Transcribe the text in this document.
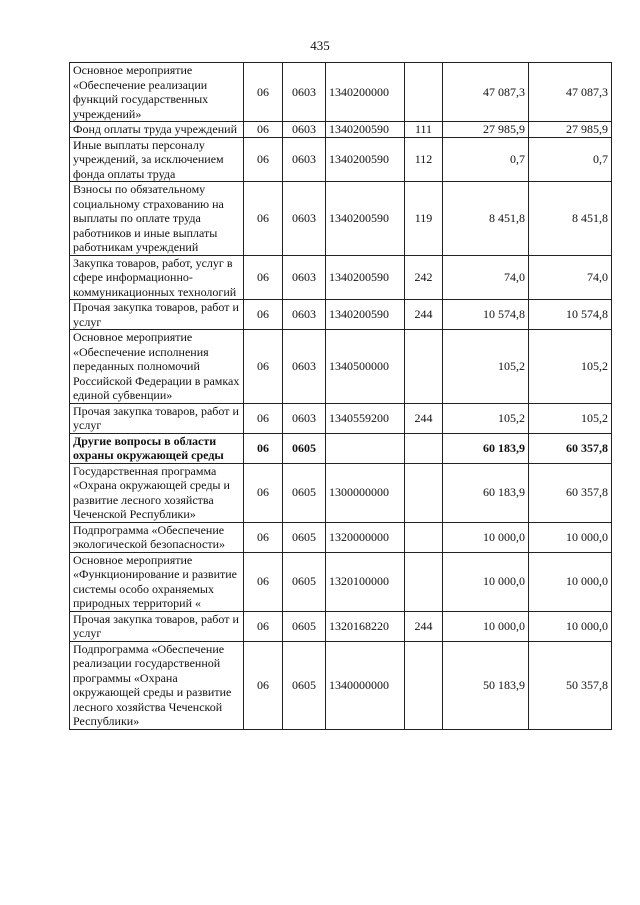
435
Основное мероприятие «Обеспечение реализации функций государственных учреждений»	06	0603	1340200000		47 087,3	47 087,3
Фонд оплаты труда учреждений	06	0603	1340200590	111	27 985,9	27 985,9
Иные выплаты персоналу учреждений, за исключением фонда оплаты труда	06	0603	1340200590	112	0,7	0,7
Взносы по обязательному социальному страхованию на выплаты по оплате труда работников и иные выплаты работникам учреждений	06	0603	1340200590	119	8 451,8	8 451,8
Закупка товаров, работ, услуг в сфере информационно-коммуникационных технологий	06	0603	1340200590	242	74,0	74,0
Прочая закупка товаров, работ и услуг	06	0603	1340200590	244	10 574,8	10 574,8
Основное мероприятие «Обеспечение исполнения переданных полномочий Российской Федерации в рамках единой субвенции»	06	0603	1340500000		105,2	105,2
Прочая закупка товаров, работ и услуг	06	0603	1340559200	244	105,2	105,2
Другие вопросы в области охраны окружающей среды	06	0605			60 183,9	60 357,8
Государственная программа «Охрана окружающей среды и развитие лесного хозяйства Чеченской Республики»	06	0605	1300000000		60 183,9	60 357,8
Подпрограмма «Обеспечение экологической безопасности»	06	0605	1320000000		10 000,0	10 000,0
Основное мероприятие «Функционирование и развитие системы особо охраняемых природных территорий «	06	0605	1320100000		10 000,0	10 000,0
Прочая закупка товаров, работ и услуг	06	0605	1320168220	244	10 000,0	10 000,0
Подпрограмма «Обеспечение реализации государственной программы «Охрана окружающей среды и развитие лесного хозяйства Чеченской Республики»	06	0605	1340000000		50 183,9	50 357,8
